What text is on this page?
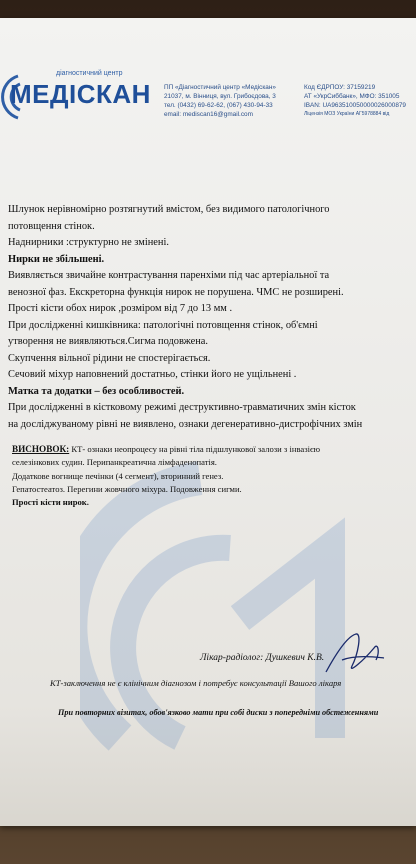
діагностичний центр
МЕДІСКАН ПП «Діагностичний центр «Медіскан»
21037, м. Вінниця, вул. Грибоєдова, 3
тел. (0432) 69-62-62, (067) 430-94-33
email: mediscan16@gmail.com
Код ЄДРПОУ: 37159219
АТ «УкрСиббанк», МФО: 351005
IBAN: UA963510050000026000879
Ліцензія МОЗ України АГ5978884 від
Шлунок нерівномірно розтягнутий вмістом, без видимого патологічного
потовщення стінок.
Наднирники :структурно не змінені.
Нирки не збільшені.
Виявляється звичайне контрастування паренхіми під час артеріальної та
венозної фаз. Екскреторна функція нирок не порушена. ЧМС не розширені.
Прості кісти обох нирок ,розміром від 7 до 13 мм .
При дослідженні кишківника: патологічні потовщення стінок, об'ємні
утворення не виявляються.Сигма подовжена.
Скупчення вільної рідини не спостерігається.
Сечовий міхур наповнений достатньо, стінки його не ущільнені .
Матка та додатки – без особливостей.
При дослідженні в кістковому режимі деструктивно-травматичних змін кісток
на досліджуваному рівні не виявлено, ознаки дегенеративно-дистрофічних змін
ВИСНОВОК: КТ- ознаки неопроцесу на рівні тіла підшлункової залози з інвазією
селезінкових судин. Перипанкреатична лімфаденопатія.
Додаткове вогнище печінки (4 сегмент), вторинний генез.
Гепатостеатоз. Перегини жовчного міхура. Подовження сигми.
Прості кісти нирок.
Лікар-радіолог: Душкевич К.В.
КТ-заключення не є клінічним діагнозом і потребує консультації Вашого лікаря
При повторних візитах, обов'язково мати при собі диски з попередніми обстеженнями
